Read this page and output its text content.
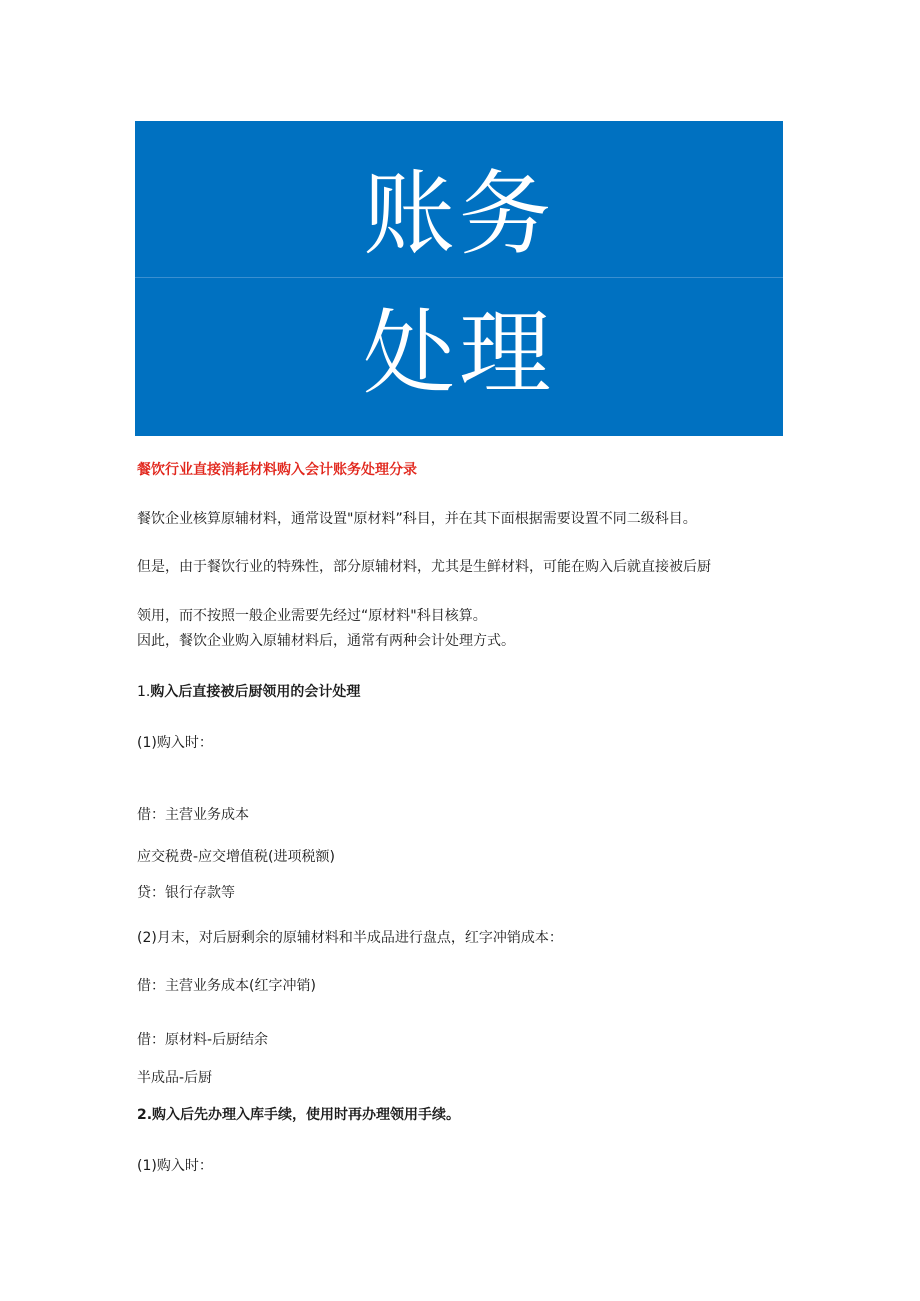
账务
处理
餐饮行业直接消耗材料购入会计账务处理分录
餐饮企业核算原辅材料，通常设置"原材料”科目，并在其下面根据需要设置不同二级科目。
但是，由于餐饮行业的特殊性，部分原辅材料，尤其是生鲜材料，可能在购入后就直接被后厨
领用，而不按照一般企业需要先经过“原材料"科目核算。
因此，餐饮企业购入原辅材料后，通常有两种会计处理方式。
1.购入后直接被后厨领用的会计处理
(1)购入时：
借：主营业务成本
应交税费-应交增值税(进项税额)
贷：银行存款等
(2)月末，对后厨剩余的原辅材料和半成品进行盘点，红字冲销成本：
借：主营业务成本(红字冲销)
借：原材料-后厨结余
半成品-后厨
2.购入后先办理入库手续，使用时再办理领用手续。
(1)购入时：
